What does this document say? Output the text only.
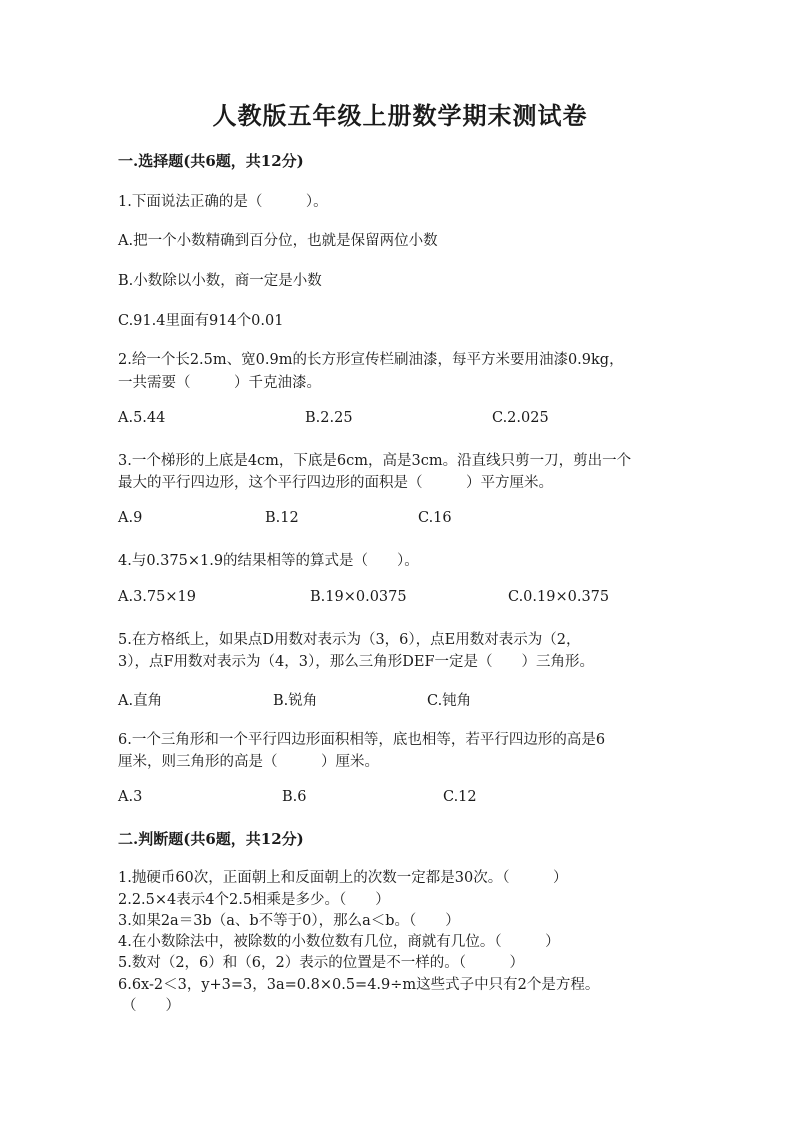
人教版五年级上册数学期末测试卷
一.选择题(共6题，共12分)
1.下面说法正确的是（　　　）。
A.把一个小数精确到百分位，也就是保留两位小数
B.小数除以小数，商一定是小数
C.91.4里面有914个0.01
2.给一个长2.5m、宽0.9m的长方形宣传栏刷油漆，每平方米要用油漆0.9kg，
一共需要（　　　）千克油漆。
A.5.44	B.2.25	C.2.025
3.一个梯形的上底是4cm，下底是6cm，高是3cm。沿直线只剪一刀，剪出一个
最大的平行四边形，这个平行四边形的面积是（　　　）平方厘米。
A.9	B.12	C.16
4.与0.375×1.9的结果相等的算式是（　　）。
A.3.75×19	B.19×0.0375	C.0.19×0.375
5.在方格纸上，如果点D用数对表示为（3，6），点E用数对表示为（2，
3），点F用数对表示为（4，3），那么三角形DEF一定是（　　）三角形。
A.直角	B.锐角	C.钝角
6.一个三角形和一个平行四边形面积相等，底也相等，若平行四边形的高是6
厘米，则三角形的高是（　　　）厘米。
A.3	B.6	C.12
二.判断题(共6题，共12分)
1.抛硬币60次，正面朝上和反面朝上的次数一定都是30次。（　　　）
2.2.5×4表示4个2.5相乘是多少。（　　）
3.如果2a＝3b（a、b不等于0），那么a＜b。（　　）
4.在小数除法中，被除数的小数位数有几位，商就有几位。（　　　）
5.数对（2，6）和（6，2）表示的位置是不一样的。（　　　）
6.6x-2＜3，y+3=3，3a=0.8×0.5=4.9÷m这些式子中只有2个是方程。
（　　）
